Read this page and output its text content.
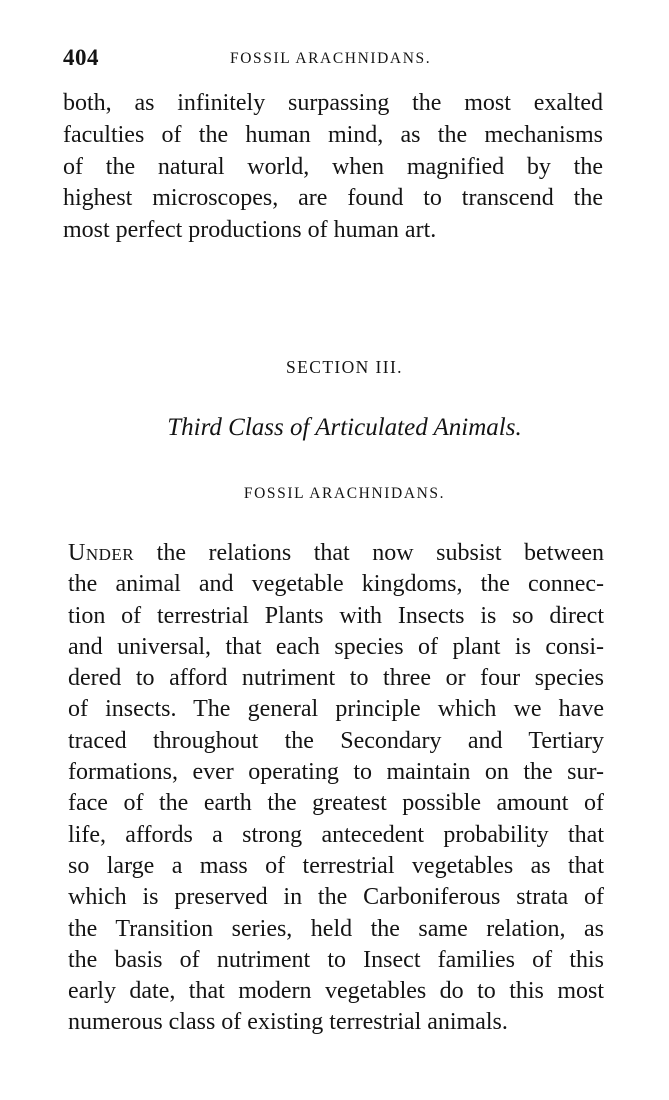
404	FOSSIL ARACHNIDANS.
both, as infinitely surpassing the most exalted
faculties of the human mind, as the mechanisms
of the natural world, when magnified by the
highest microscopes, are found to transcend the
most perfect productions of human art.
SECTION III.
Third Class of Articulated Animals.
FOSSIL ARACHNIDANS.
Under the relations that now subsist between
the animal and vegetable kingdoms, the connec-
tion of terrestrial Plants with Insects is so direct
and universal, that each species of plant is consi-
dered to afford nutriment to three or four species
of insects. The general principle which we have
traced throughout the Secondary and Tertiary
formations, ever operating to maintain on the sur-
face of the earth the greatest possible amount of
life, affords a strong antecedent probability that
so large a mass of terrestrial vegetables as that
which is preserved in the Carboniferous strata of
the Transition series, held the same relation, as
the basis of nutriment to Insect families of this
early date, that modern vegetables do to this most
numerous class of existing terrestrial animals.
